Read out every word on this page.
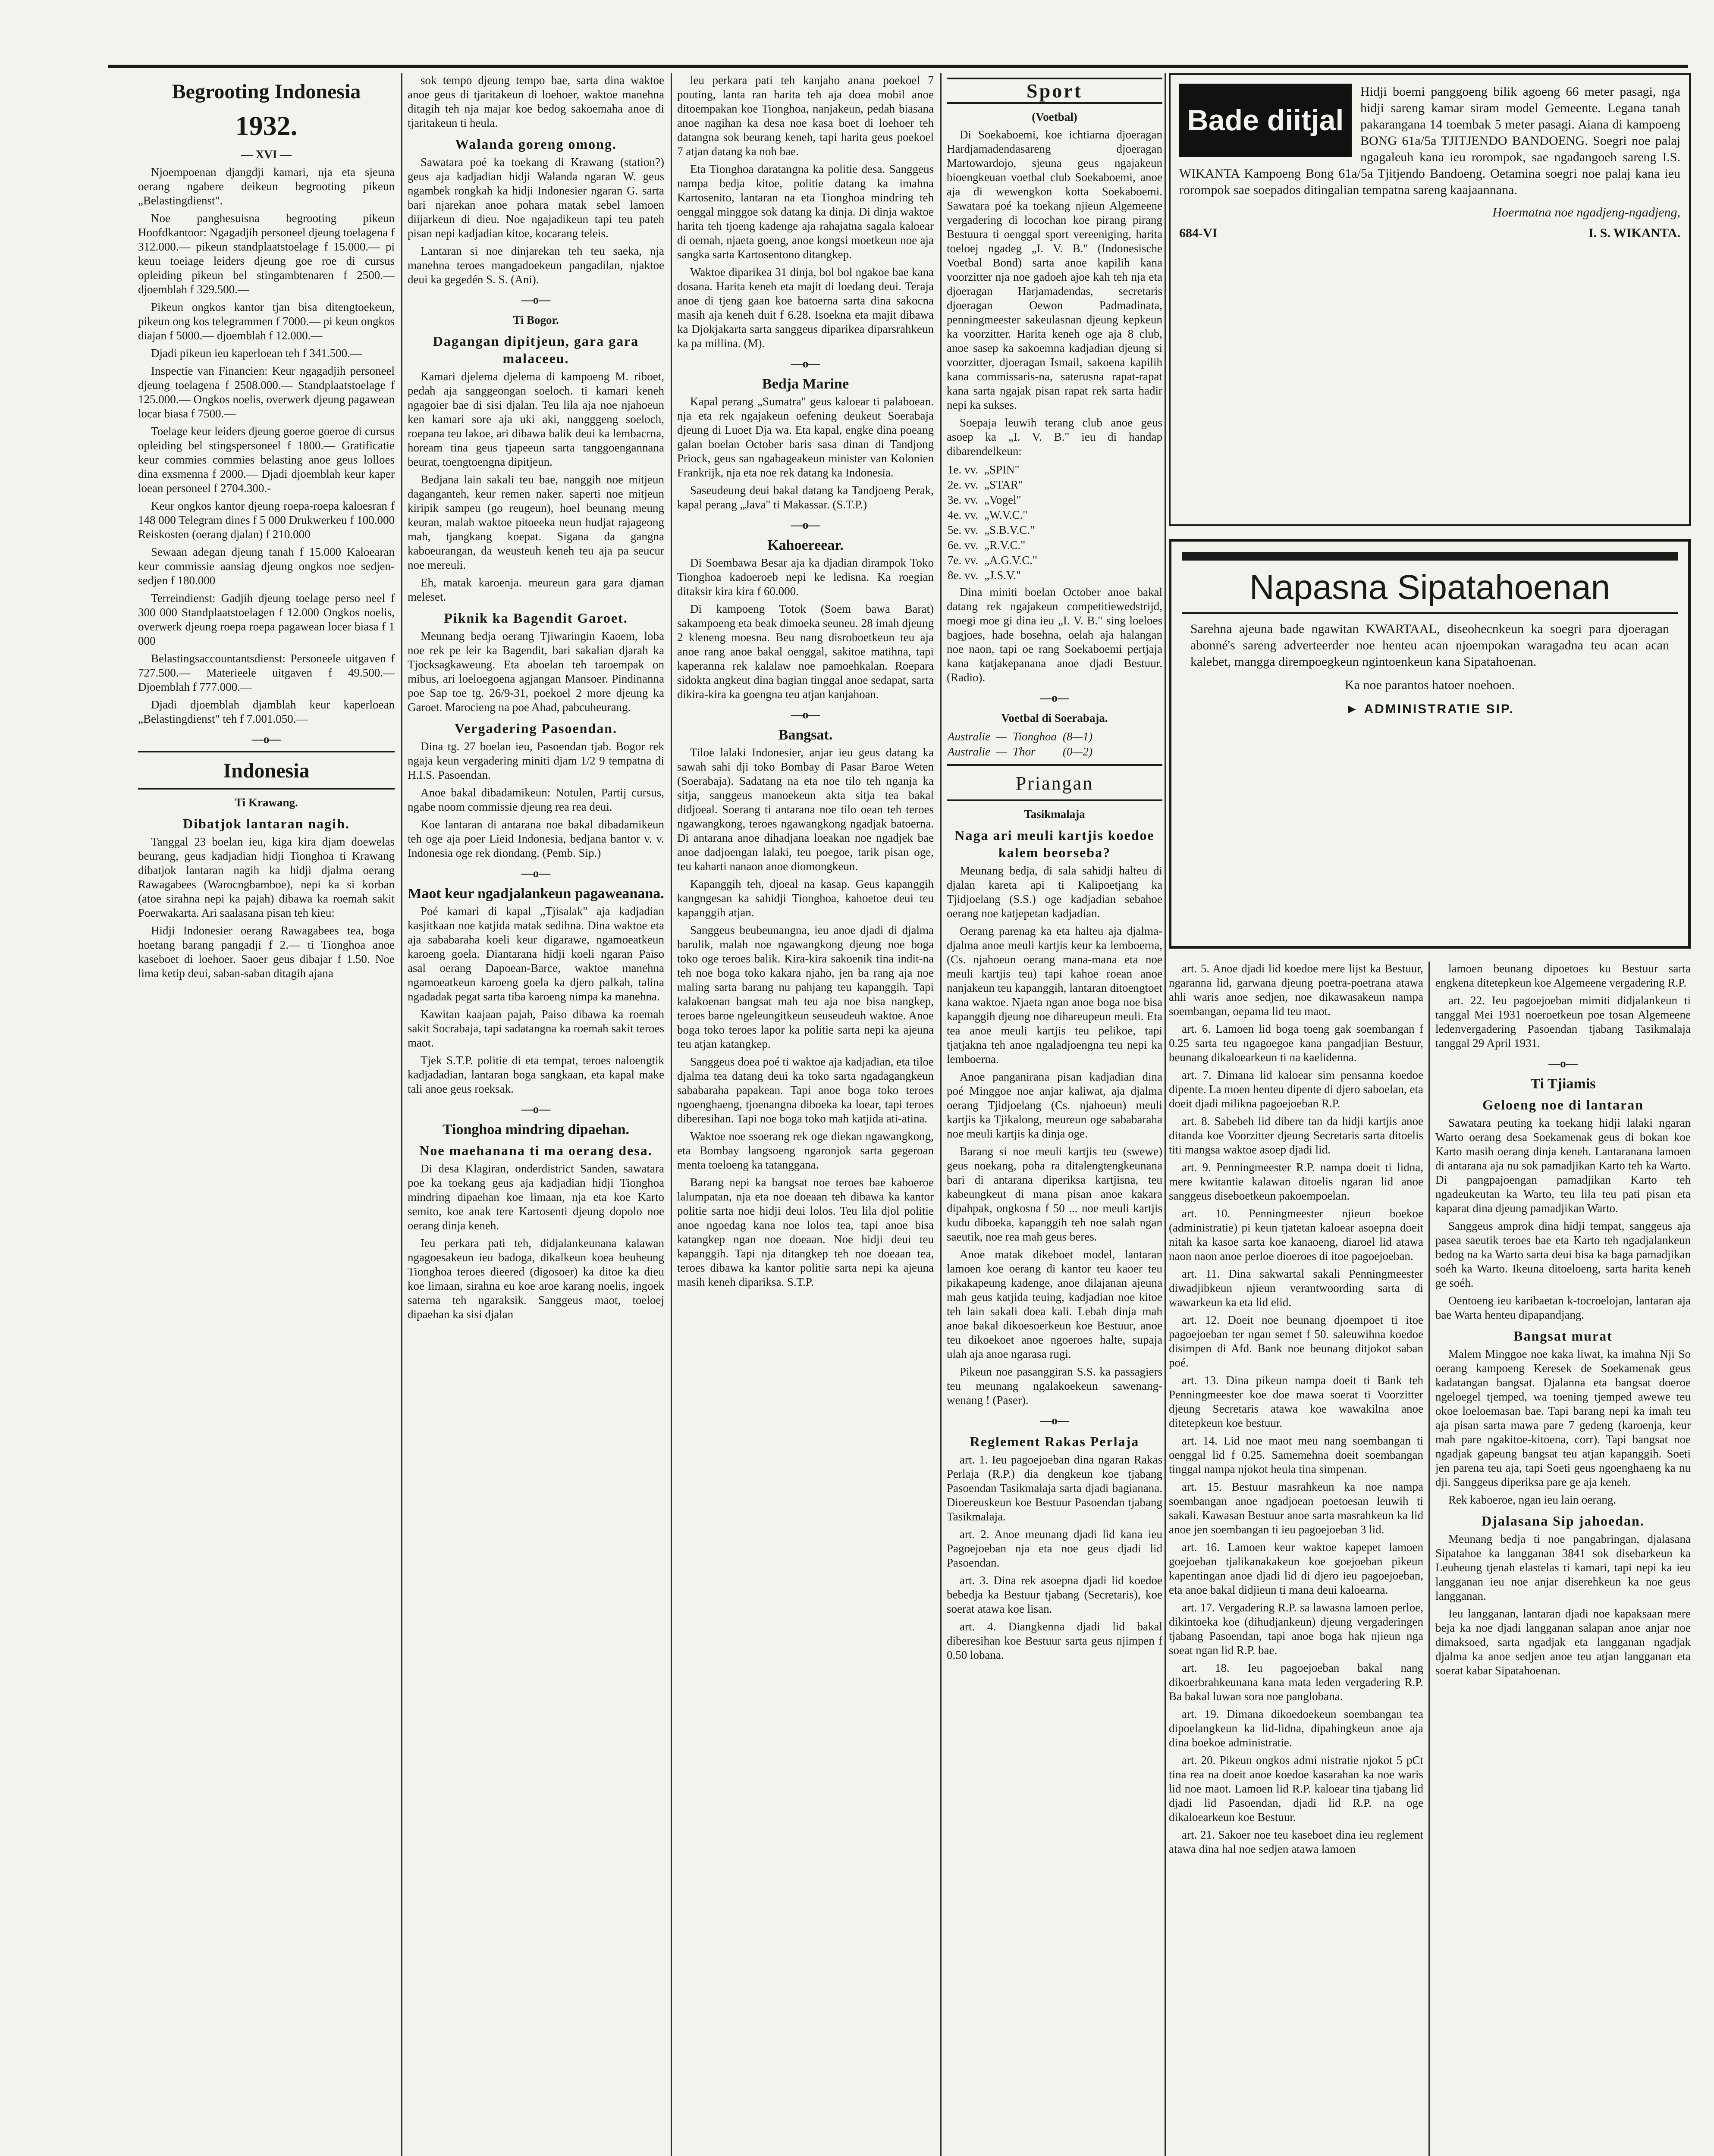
Begrooting Indonesia
1932.
— XVI —

Njoempoenan djangdji kamari, nja eta sjeuna oerang ngabere deikeun begrooting pikeun „Belastingdienst".

Noe panghesuisna begrooting pikeun Hoofdkantoor: Ngagadjih personeel djeung toelagena f 312.000.— pikeun standplaatstoelage f 15.000.— pi keuu toeiage leiders djeung goe roe di cursus opleiding pikeun bel stingambtenaren f 2500.— djoemblah f 329.500.—

Pikeun ongkos kantor tjan bisa ditengtoekeun, pikeun ong kos telegrammen f 7000.— pi keun ongkos diajan f 5000.— djoemblah f 12.000.—

Djadi pikeun ieu kaperloean teh f 341.500.—

Inspectie van Financien: Keur ngagadjih personeel djeung toelagena f 2508.000.— Standplaatstoelage f 125.000.— Ongkos noelis, overwerk djeung pagawean locar biasa f 7500.—

Toelage keur leiders djeung goeroe goeroe di cursus opleiding bel stingspersoneel f 1800.— Gratificatie keur commies commies belasting anoe geus lolloes dina exsmenna f 2000.— Djadi djoemblah keur kaper loean personeel f 2704.300.-

Keur ongkos kantor djeung roepa-roepa kaloesran f 148 000 Telegram dines f 5 000 Drukwerkeu f 100.000 Reiskosten (oerang djalan) f 210.000

Sewaan adegan djeung tanah f 15.000 Kaloearan keur commissie aansiag djeung ongkos noe sedjen-sedjen f 180.000

Terreindienst: Gadjih djeung toelage perso neel f 300 000 Standplaatstoelagen f 12.000 Ongkos noelis, overwerk djeung roepa roepa pagawean locer biasa f 1 000

Belastingsaccountantsdienst: Personeele uitgaven f 727.500.— Materieele uitgaven f 49.500.— Djoemblah f 777.000.—

Djadi djoemblah djamblah keur kaperloean „Belastingdienst" teh f 7.001.050.—

—o—
Indonesia
Ti Krawang.
Dibatjok lantaran nagih.

Tanggal 23 boelan ieu, kiga kira djam doewelas beurang, geus kadjadian hidji Tionghoa ti Krawang dibatjok lantaran nagih ka hidji djalma oerang Rawagabees (Warocngbamboe), nepi ka si korban (atoe sirahna nepi ka pajah) dibawa ka roemah sakit Poerwakarta. Ari saalasana pisan teh kieu:

Hidji Indonesier oerang Rawagabees tea, boga hoetang barang pangadji f 2.— ti Tionghoa anoe kaseboet di loehoer. Saoer geus dibajar f 1.50. Noe lima ketip deui, saban-saban ditagih ajana

sok tempo djeung tempo bae, sarta dina waktoe anoe geus di tjaritakeun di loehoer, waktoe manehna ditagih teh nja majar koe bedog sakoemaha anoe di tjaritakeun ti heula.

Walanda goreng omong.

Sawatara poé ka toekang di Krawang (station?) geus aja kadjadian hidji Walanda ngaran W. geus ngambek rongkah ka hidji Indonesier ngaran G. sarta bari njarekan anoe pohara matak sebel lamoen diijarkeun di dieu. Noe ngajadikeun tapi teu pateh pisan nepi kadjadian kitoe, kocarang teleis.

Lantaran si noe dinjarekan teh teu saeka, nja manehna teroes mangadoekeun pangadilan, njaktoe deui ka gegedén S. S. (Ani).

—o—
Ti Bogor.
Dagangan dipitjeun, gara gara malaceeu.

Kamari djelema djelema di kampoeng M. riboet, pedah aja sanggeongan soeloch. ti kamari keneh ngagoier bae di sisi djalan. Teu lila aja noe njahoeun ken kamari sore aja uki aki, nangggeng soeloch, roepana teu lakoe, ari dibawa balik deui ka lembacrna, hoream tina geus tjapeeun sarta tanggoengannana beurat, toengtoengna dipitjeun.

Bedjana lain sakali teu bae, nanggih noe mitjeun daganganteh, keur remen naker. saperti noe mitjeun kiripik sampeu (go reugeun), hoel beunang meung keuran, malah waktoe pitoeeka neun hudjat rajageong mah, tjangkang koepat. Sigana da gangna kaboeurangan, da weusteuh keneh teu aja pa seucur noe mereuli.

Eh, matak karoenja. meureun gara gara djaman meleset.

Piknik ka Bagendit Garoet.

Meunang bedja oerang Tjiwaringin Kaoem, loba noe rek pe leir ka Bagendit, bari sakalian djarah ka Tjocksagkaweung. Eta aboelan teh taroempak on mibus, ari loeloegoena agjangan Mansoer. Pindinanna poe Sap toe tg. 26/9-31, poekoel 2 more djeung ka Garoet. Marocieng na poe Ahad, pabcuheurang.

Vergadering Pasoendan.

Dina tg. 27 boelan ieu, Pasoendan tjab. Bogor rek ngaja keun vergadering miniti djam 1/2 9 tempatna di H.I.S. Pasoendan.

Anoe bakal dibadamikeun: Notulen, Partij cursus, ngabe noom commissie djeung rea rea deui.

Koe lantaran di antarana noe bakal dibadamikeun teh oge aja poer Lieid Indonesia, bedjana bantor v. v. Indonesia oge rek diondang. (Pemb. Sip.)

—o—
Maot keur ngadjalankeun pagaweanana.

Poé kamari di kapal „Tjisalak" aja kadjadian kasjitkaan noe katjida matak sedihna. Dina waktoe eta aja sababaraha koeli keur digarawe, ngamoeatkeun karoeng goela. Diantarana hidji koeli ngaran Paiso asal oerang Dapoean-Barce, waktoe manehna ngamoeatkeun karoeng goela ka djero palkah, talina ngadadak pegat sarta tiba karoeng nimpa ka manehna.

Kawitan kaajaan pajah, Paiso dibawa ka roemah sakit Socrabaja, tapi sadatangna ka roemah sakit teroes maot.

Tjek S.T.P. politie di eta tempat, teroes naloengtik kadjadadian, lantaran boga sangkaan, eta kapal make tali anoe geus roeksak.

—o—
Tionghoa mindring dipaehan.
Noe maehanana ti ma oerang desa.

Di desa Klagiran, onderdistrict Sanden, sawatara poe ka toekang geus aja kadjadian hidji Tionghoa mindring dipaehan koe limaan, nja eta koe Karto semito, koe anak tere Kartosenti djeung dopolo noe oerang dinja keneh.

Ieu perkara pati teh, didjalankeunana kalawan ngagoesakeun ieu badoga, dikalkeun koea beuheung Tionghoa teroes dieered (digosoer) ka ditoe ka dieu koe limaan, sirahna eu koe aroe karang noelis, ingoek saterna teh ngaraksik. Sanggeus maot, toeloej dipaehan ka sisi djalan

leu perkara pati teh kanjaho anana poekoel 7 pouting, lanta ran harita teh aja doea mobil anoe ditoempakan koe Tionghoa, nanjakeun, pedah biasana anoe nagihan ka desa noe kasa boet di loehoer teh datangna sok beurang keneh, tapi harita geus poekoel 7 atjan datang ka noh bae.

Eta Tionghoa daratangna ka politie desa. Sanggeus nampa bedja kitoe, politie datang ka imahna Kartosenito, lantaran na eta Tionghoa mindring teh oenggal minggoe sok datang ka dinja. Di dinja waktoe harita teh tjoeng kadenge aja rahajatna sagala kaloear di oemah, njaeta goeng, anoe kongsi moetkeun noe aja sangka sarta Kartosentono ditangkep.

Waktoe diparikea 31 dinja, bol bol ngakoe bae kana dosana. Harita keneh eta majit di loedang deui. Teraja anoe di tjeng gaan koe batoerna sarta dina sakocna masih aja keneh duit f 6.28. Isoekna eta majit dibawa ka Djokjakarta sarta sanggeus diparikea diparsrahkeun ka pa millina. (M).

—o—
Bedja Marine

Kapal perang „Sumatra" geus kaloear ti palaboean. nja eta rek ngajakeun oefening deukeut Soerabaja djeung di Luoet Dja wa. Eta kapal, engke dina poeang galan boelan October baris sasa dinan di Tandjong Priock, geus san ngabageakeun minister van Kolonien Frankrijk, nja eta noe rek datang ka Indonesia.

Saseudeung deui bakal datang ka Tandjoeng Perak, kapal perang „Java" ti Makassar. (S.T.P.)

—o—
Kahoereear.

Di Soembawa Besar aja ka djadian dirampok Toko Tionghoa kadoeroeb nepi ke ledisna. Ka roegian ditaksir kira kira f 60.000.

Di kampoeng Totok (Soem bawa Barat) sakampoeng eta beak dimoeka seuneu. 28 imah djeung 2 kleneng moesna. Beu nang disroboetkeun teu aja anoe rang anoe bakal oenggal, sakitoe matihna, tapi kaperanna rek kalalaw noe pamoehkalan. Roepara sidokta angkeut dina bagian tinggal anoe sedapat, sarta dikira-kira ka goengna teu atjan kanjahoan.

—o—
Bangsat.

Tiloe lalaki Indonesier, anjar ieu geus datang ka sawah sahi dji toko Bombay di Pasar Baroe Weten (Soerabaja). Sadatang na eta noe tilo teh nganja ka sitja, sanggeus manoekeun akta sitja tea bakal didjoeal. Soerang ti antarana noe tilo oean teh teroes ngawangkong, teroes ngawangkong ngadjak batoerna. Di antarana anoe dihadjana loeakan noe ngadjek bae anoe dadjoengan lalaki, teu poegoe, tarik pisan oge, teu kaharti nanaon anoe diomongkeun.

Kapanggih teh, djoeal na kasap. Geus kapanggih kangngesan ka sahidji Tionghoa, kahoetoe deui teu kapanggih atjan.

Sanggeus beubeunangna, ieu anoe djadi di djalma barulik, malah noe ngawangkong djeung noe boga toko oge teroes balik. Kira-kira sakoenik tina indit-na teh noe boga toko kakara njaho, jen ba rang aja noe maling sarta barang nu pahjang teu kapanggih. Tapi kalakoenan bangsat mah teu aja noe bisa nangkep, teroes baroe ngeleungitkeun seuseudeuh waktoe. Anoe boga toko teroes lapor ka politie sarta nepi ka ajeuna teu atjan katangkep.

Sanggeus doea poé ti waktoe aja kadjadian, eta tiloe djalma tea datang deui ka toko sarta ngadagangkeun sababaraha papakean. Tapi anoe boga toko teroes ngoenghaeng, tjoenangna diboeka ka loear, tapi teroes diberesihan. Tapi noe boga toko mah katjida ati-atina.

Waktoe noe ssoerang rek oge diekan ngawangkong, eta Bombay langsoeng ngaronjok sarta gegeroan menta toeloeng ka tatanggana.

Barang nepi ka bangsat noe teroes bae kaboeroe lalumpatan, nja eta noe doeaan teh dibawa ka kantor politie sarta noe hidji deui lolos. Teu lila djol politie anoe ngoedag kana noe lolos tea, tapi anoe bisa katangkep ngan noe doeaan. Noe hidji deui teu kapanggih. Tapi nja ditangkep teh noe doeaan tea, teroes dibawa ka kantor politie sarta nepi ka ajeuna masih keneh dipariksa. S.T.P.

Sport
(Voetbal)

Di Soekaboemi, koe ichtiarna djoeragan Hardjamadendasareng djoeragan Martowardojo, sjeuna geus ngajakeun bioengkeuan voetbal club Soekaboemi, anoe aja di wewengkon kotta Soekaboemi. Sawatara poé ka toekang njieun Algemeene vergadering di locochan koe pirang pirang Bestuura ti oenggal sport vereeniging, harita toeloej ngadeg „I. V. B." (Indonesische Voetbal Bond) sarta anoe kapilih kana voorzitter nja noe gadoeh ajoe kah teh nja eta djoeragan Harjamadendas, secretaris djoeragan Oewon Padmadinata, penningmeester sakeulasnan djeung kepkeun ka voorzitter. Harita keneh oge aja 8 club, anoe sasep ka sakoemna kadjadian djeung si voorzitter, djoeragan Ismail, sakoena kapilih kana commissaris-na, saterusna rapat-rapat kana sarta ngajak pisan rapat rek sarta hadir nepi ka sukses.

Soepaja leuwih terang club anoe geus asoep ka „I. V. B." ieu di handap dibarendelkeun:

1e. vv.	„SPIN"
2e. vv.	„STAR"
3e. vv.	„Vogel"
4e. vv.	„W.V.C."
5e. vv.	„S.B.V.C."
6e. vv.	„R.V.C."
7e. vv.	„A.G.V.C."
8e. vv.	„J.S.V."

Dina miniti boelan October anoe bakal datang rek ngajakeun competitiewedstrijd, moegi moe gi dina ieu „I. V. B." sing loeloes bagjoes, hade bosehna, oelah aja halangan noe naon, tapi oe rang Soekaboemi pertjaja kana katjakepanana anoe djadi Bestuur. (Radio).

—o—
Voetbal di Soerabaja.
Australie	—	Tionghoa	(8—1)
Australie	—	Thor	(0—2)
Priangan
Tasikmalaja
Naga ari meuli kartjis koedoe kalem beorseba?

Meunang bedja, di sala sahidji halteu di djalan kareta api ti Kalipoetjang ka Tjidjoelang (S.S.) oge kadjadian sebahoe oerang noe katjepetan kadjadian.

Oerang parenag ka eta halteu aja djalma-djalma anoe meuli kartjis keur ka lemboerna, (Cs. njahoeun oerang mana-mana eta noe meuli kartjis teu) tapi kahoe roean anoe nanjakeun teu kapanggih, lantaran ditoengtoet kana waktoe. Njaeta ngan anoe boga noe bisa kapanggih djeung noe dihareupeun meuli. Eta tea anoe meuli kartjis teu pelikoe, tapi tjatjakna teh anoe ngaladjoengna teu nepi ka lemboerna.

Anoe panganirana pisan kadjadian dina poé Minggoe noe anjar kaliwat, aja djalma oerang Tjidjoelang (Cs. njahoeun) meuli kartjis ka Tjikalong, meureun oge sababaraha noe meuli kartjis ka dinja oge.

Barang si noe meuli kartjis teu (swewe) geus noekang, poha ra ditalengtengkeunana bari di antarana diperiksa kartjisna, teu kabeungkeut di mana pisan anoe kakara dipahpak, ongkosna f 50 ... noe meuli kartjis kudu diboeka, kapanggih teh noe salah ngan saeutik, noe rea mah geus beres.

Anoe matak dikeboet model, lantaran lamoen koe oerang di kantor teu kaoer teu pikakapeung kadenge, anoe dilajanan ajeuna mah geus katjida teuing, kadjadian noe kitoe teh lain sakali doea kali. Lebah dinja mah anoe bakal dikoesoerkeun koe Bestuur, anoe teu dikoekoet anoe ngoeroes halte, supaja ulah aja anoe ngarasa rugi.

Pikeun noe pasanggiran S.S. ka passagiers teu meunang ngalakoekeun sawenang-wenang ! (Paser).

—o—
Reglement Rakas Perlaja

art. 1. Ieu pagoejoeban dina ngaran Rakas Perlaja (R.P.) dia dengkeun koe tjabang Pasoendan Tasikmalaja sarta djadi bagianana. Dioereuskeun koe Bestuur Pasoendan tjabang Tasikmalaja.

art. 2. Anoe meunang djadi lid kana ieu Pagoejoeban nja eta noe geus djadi lid Pasoendan.

art. 3. Dina rek asoepna djadi lid koedoe bebedja ka Bestuur tjabang (Secretaris), koe soerat atawa koe lisan.

art. 4. Diangkenna djadi lid bakal diberesihan koe Bestuur sarta geus njimpen f 0.50 lobana.

Bade diitjal
Hidji boemi panggoeng bilik agoeng 66 meter pasagi, nga hidji sareng kamar siram model Gemeente. Legana tanah pakarangana 14 toembak 5 meter pasagi. Aiana di kampoeng BONG 61a/5a TJITJENDO BANDOENG. Soegri noe palaj ngagaleuh kana ieu rorompok, sae ngadangoeh sareng I.S. WIKANTA Kampoeng Bong 61a/5a Tjitjendo Bandoeng. Oetamina soegri noe palaj kana ieu rorompok sae soepados ditingalian tempatna sareng kaajaannana.
Hoermatna noe ngadjeng-ngadjeng,
684-VI	I. S. WIKANTA.
Napasna Sipatahoenan
Sarehna ajeuna bade ngawitan KWARTAAL, diseohecnkeun ka soegri para djoeragan abonné's sareng adverteerder noe henteu acan njoempokan waragadna teu acan acan kalebet, mangga dirempoegkeun ngintoenkeun kana Sipatahoenan.
Ka noe parantos hatoer noehoen.
► ADMINISTRATIE SIP.

art. 5. Anoe djadi lid koedoe mere lijst ka Bestuur, ngaranna lid, garwana djeung poetra-poetrana atawa ahli waris anoe sedjen, noe dikawasakeun nampa soembangan, oepama lid teu maot.

art. 6. Lamoen lid boga toeng gak soembangan f 0.25 sarta teu ngagoegoe kana pangadjian Bestuur, beunang dikaloearkeun ti na kaelidenna.

art. 7. Dimana lid kaloear sim pensanna koedoe dipente. La moen henteu dipente di djero saboelan, eta doeit djadi milikna pagoejoeban R.P.

art. 8. Sabebeh lid dibere tan da hidji kartjis anoe ditanda koe Voorzitter djeung Secretaris sarta ditoelis titi mangsa waktoe asoep djadi lid.

art. 9. Penningmeester R.P. nampa doeit ti lidna, mere kwitantie kalawan ditoelis ngaran lid anoe sanggeus diseboetkeun pakoempoelan.

art. 10. Penningmeester njieun boekoe (administratie) pi keun tjatetan kaloear asoepna doeit nitah ka kasoe sarta koe kanaoeng, diaroel lid atawa naon naon anoe perloe dioeroes di itoe pagoejoeban.

art. 11. Dina sakwartal sakali Penningmeester diwadjibkeun njieun verantwoording sarta di wawarkeun ka eta lid elid.

art. 12. Doeit noe beunang djoempoet ti itoe pagoejoeban ter ngan semet f 50. saleuwihna koedoe disimpen di Afd. Bank noe beunang ditjokot saban poé.

art. 13. Dina pikeun nampa doeit ti Bank teh Penningmeester koe doe mawa soerat ti Voorzitter djeung Secretaris atawa koe wawakilna anoe ditetepkeun koe bestuur.

art. 14. Lid noe maot meu nang soembangan ti oenggal lid f 0.25. Samemehna doeit soembangan tinggal nampa njokot heula tina simpenan.

art. 15. Bestuur masrahkeun ka noe nampa soembangan anoe ngadjoean poetoesan leuwih ti sakali. Kawasan Bestuur anoe sarta masrahkeun ka lid anoe jen soembangan ti ieu pagoejoeban 3 lid.

art. 16. Lamoen keur waktoe kapepet lamoen goejoeban tjalikanakakeun koe goejoeban pikeun kapentingan anoe djadi lid di djero ieu pagoejoeban, eta anoe bakal didjieun ti mana deui kaloearna.

art. 17. Vergadering R.P. sa lawasna lamoen perloe, dikintoeka koe (dihudjankeun) djeung vergaderingen tjabang Pasoendan, tapi anoe boga hak njieun nga soeat ngan lid R.P. bae.

art. 18. Ieu pagoejoeban bakal nang dikoerbrahkeunana kana mata leden vergadering R.P. Ba bakal luwan sora noe panglobana.

art. 19. Dimana dikoedoekeun soembangan tea dipoelangkeun ka lid-lidna, dipahingkeun anoe aja dina boekoe administratie.

art. 20. Pikeun ongkos admi nistratie njokot 5 pCt tina rea na doeit anoe koedoe kasarahan ka noe waris lid noe maot. Lamoen lid R.P. kaloear tina tjabang lid djadi lid Pasoendan, djadi lid R.P. na oge dikaloearkeun koe Bestuur.

art. 21. Sakoer noe teu kaseboet dina ieu reglement atawa dina hal noe sedjen atawa lamoen

lamoen beunang dipoetoes ku Bestuur sarta engkena ditetepkeun koe Algemeene vergadering R.P.

art. 22. Ieu pagoejoeban mimiti didjalankeun ti tanggal Mei 1931 noeroetkeun poe tosan Algemeene ledenvergadering Pasoendan tjabang Tasikmalaja tanggal 29 April 1931.

—o—
Ti Tjiamis
Geloeng noe di lantaran

Sawatara peuting ka toekang hidji lalaki ngaran Warto oerang desa Soekamenak geus di bokan koe Karto masih oerang dinja keneh. Lantaranana lamoen di antarana aja nu sok pamadjikan Karto teh ka Warto. Di pangpajoengan pamadjikan Karto teh ngadeukeutan ka Warto, teu lila teu pati pisan eta kaparat dina djeung pamadjikan Warto.

Sanggeus amprok dina hidji tempat, sanggeus aja pasea saeutik teroes bae eta Karto teh ngadjalankeun bedog na ka Warto sarta deui bisa ka baga pamadjikan soéh ka Warto. Ikeuna ditoeloeng, sarta harita keneh ge soéh.

Oentoeng ieu karibaetan k-tocroelojan, lantaran aja bae Warta henteu dipapandjang.

Bangsat murat

Malem Minggoe noe kaka liwat, ka imahna Nji So oerang kampoeng Keresek de Soekamenak geus kadatangan bangsat. Djalanna eta bangsat doeroe ngeloegel tjemped, wa toening tjemped awewe teu okoe loeloemasan bae. Tapi barang nepi ka imah teu aja pisan sarta mawa pare 7 gedeng (karoenja, keur mah pare ngakitoe-kitoena, corr). Tapi bangsat noe ngadjak gapeung bangsat teu atjan kapanggih. Soeti jen parena teu aja, tapi Soeti geus ngoenghaeng ka nu dji. Sanggeus diperiksa pare ge aja keneh.

Rek kaboeroe, ngan ieu lain oerang.

Djalasana Sip jahoedan.

Meunang bedja ti noe pangabringan, djalasana Sipatahoe ka langganan 3841 sok disebarkeun ka Leuheung tjenah elastelas ti kamari, tapi nepi ka ieu langganan ieu noe anjar diserehkeun ka noe geus langganan.

Ieu langganan, lantaran djadi noe kapaksaan mere beja ka noe djadi langganan salapan anoe anjar noe dimaksoed, sarta ngadjak eta langganan ngadjak djalma ka anoe sedjen anoe teu atjan langganan eta soerat kabar Sipatahoenan.
